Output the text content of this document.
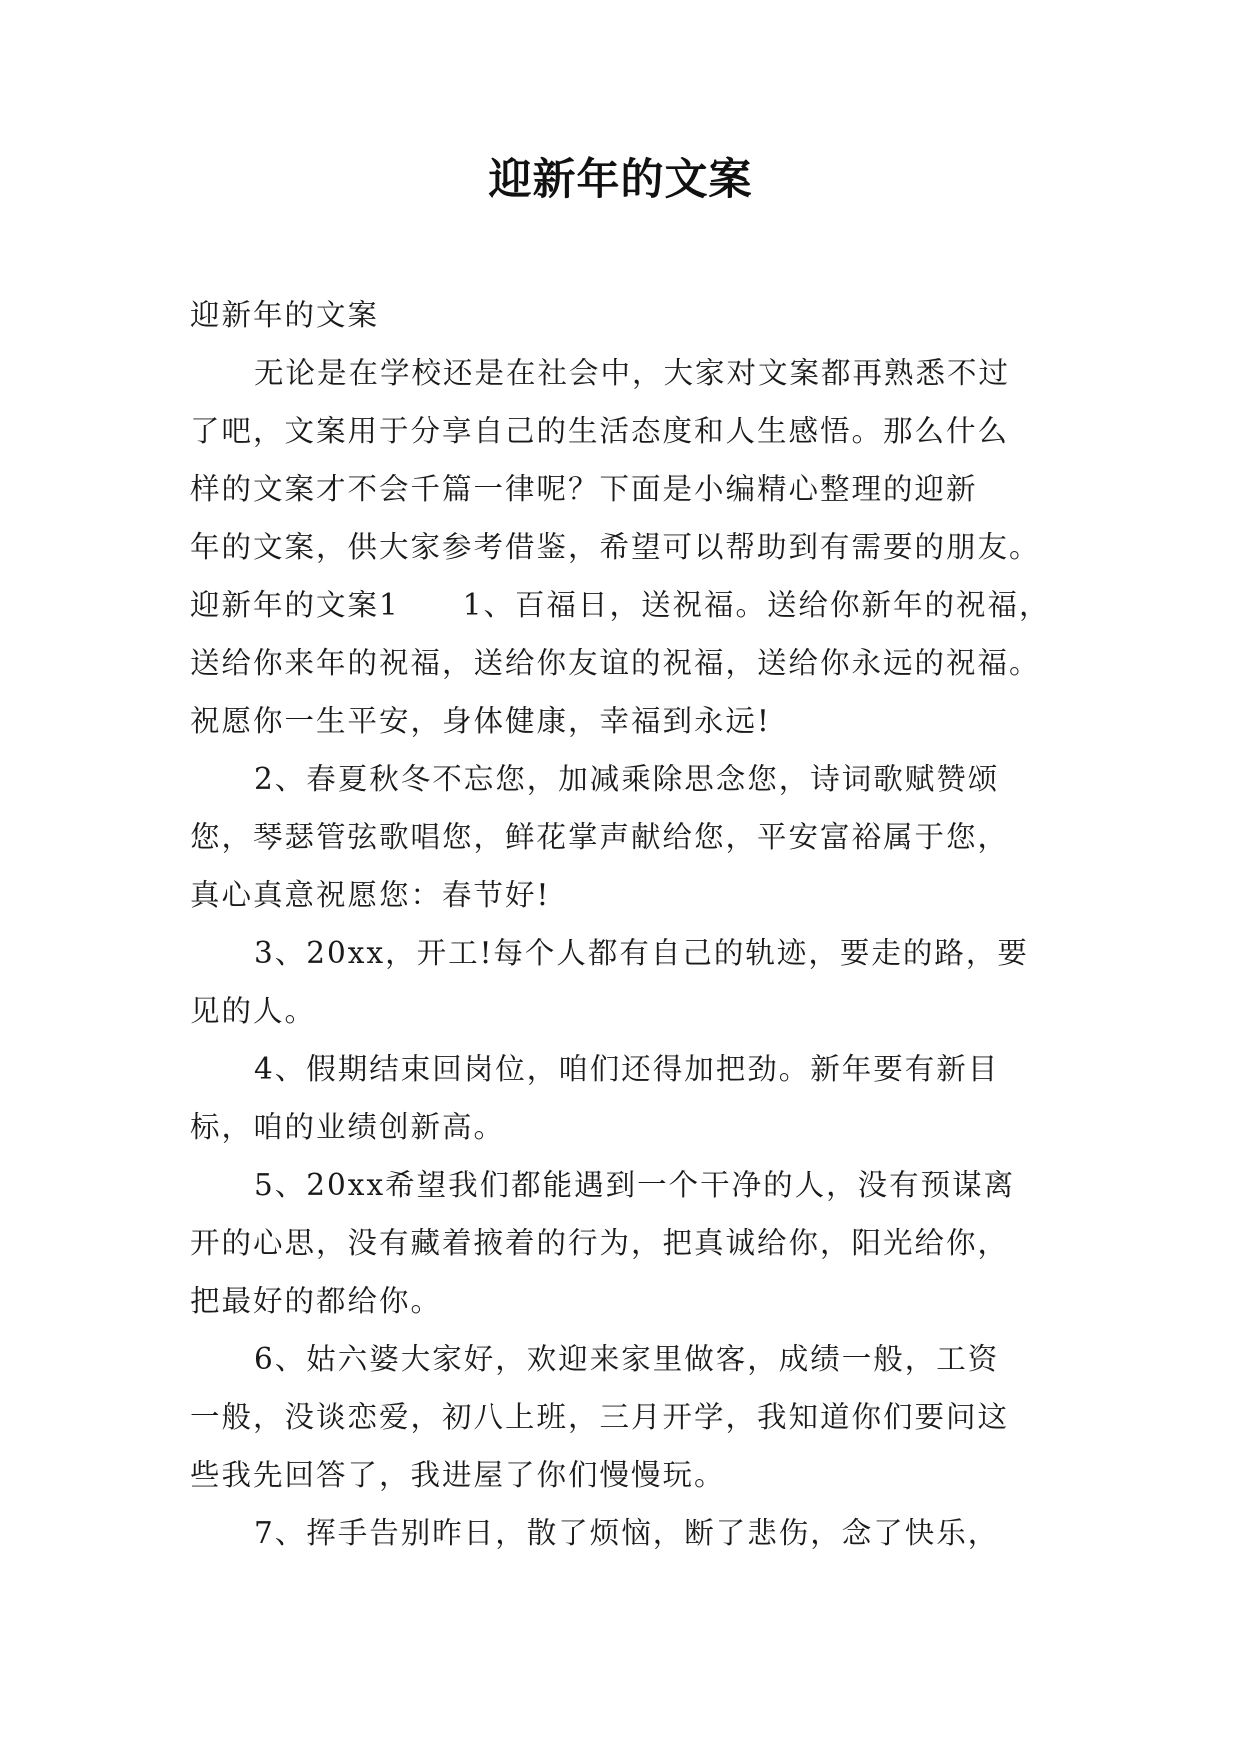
迎新年的文案
迎新年的文案
无论是在学校还是在社会中，大家对文案都再熟悉不过
了吧，文案用于分享自己的生活态度和人生感悟。那么什么
样的文案才不会千篇一律呢？下面是小编精心整理的迎新
年的文案，供大家参考借鉴，希望可以帮助到有需要的朋友。
迎新年的文案1　　1、百福日，送祝福。送给你新年的祝福，
送给你来年的祝福，送给你友谊的祝福，送给你永远的祝福。
祝愿你一生平安，身体健康，幸福到永远!
2、春夏秋冬不忘您，加减乘除思念您，诗词歌赋赞颂
您，琴瑟管弦歌唱您，鲜花掌声献给您，平安富裕属于您，
真心真意祝愿您：春节好!
3、20xx，开工!每个人都有自己的轨迹，要走的路，要
见的人。
4、假期结束回岗位，咱们还得加把劲。新年要有新目
标，咱的业绩创新高。
5、20xx希望我们都能遇到一个干净的人，没有预谋离
开的心思，没有藏着掖着的行为，把真诚给你，阳光给你，
把最好的都给你。
6、姑六婆大家好，欢迎来家里做客，成绩一般，工资
一般，没谈恋爱，初八上班，三月开学，我知道你们要问这
些我先回答了，我进屋了你们慢慢玩。
7、挥手告别昨日，散了烦恼，断了悲伤，念了快乐，
